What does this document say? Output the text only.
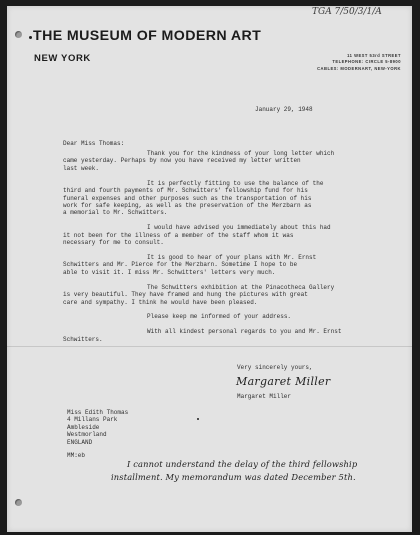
TGA 7/50/3/1/A
THE MUSEUM OF MODERN ART
NEW YORK	11 WEST 53rd STREET
TELEPHONE: CIRCLE 5-8900
CABLES: MODERNART, NEW-YORK
January 29, 1948
Dear Miss Thomas:
Thank you for the kindness of your long letter which
came yesterday. Perhaps by now you have received my letter written
last week.
It is perfectly fitting to use the balance of the
third and fourth payments of Mr. Schwitters' fellowship fund for his
funeral expenses and other purposes such as the transportation of his
work for safe keeping, as well as the preservation of the Merzbarn as
a memorial to Mr. Schwitters.
I would have advised you immediately about this had
it not been for the illness of a member of the staff whom it was
necessary for me to consult.
It is good to hear of your plans with Mr. Ernst
Schwitters and Mr. Pierce for the Merzbarn. Sometime I hope to be
able to visit it. I miss Mr. Schwitters' letters very much.
The Schwitters exhibition at the Pinacotheca Gallery
is very beautiful. They have framed and hung the pictures with great
care and sympathy. I think he would have been pleased.
Please keep me informed of your address.
With all kindest personal regards to you and Mr. Ernst
Schwitters.
Very sincerely yours,
Margaret Miller
Margaret Miller
Miss Edith Thomas
4 Millans Park
Ambleside
Westmorland
ENGLAND
MM:eb
I cannot understand the delay of the third fellowship
installment. My memorandum was dated December 5th.
